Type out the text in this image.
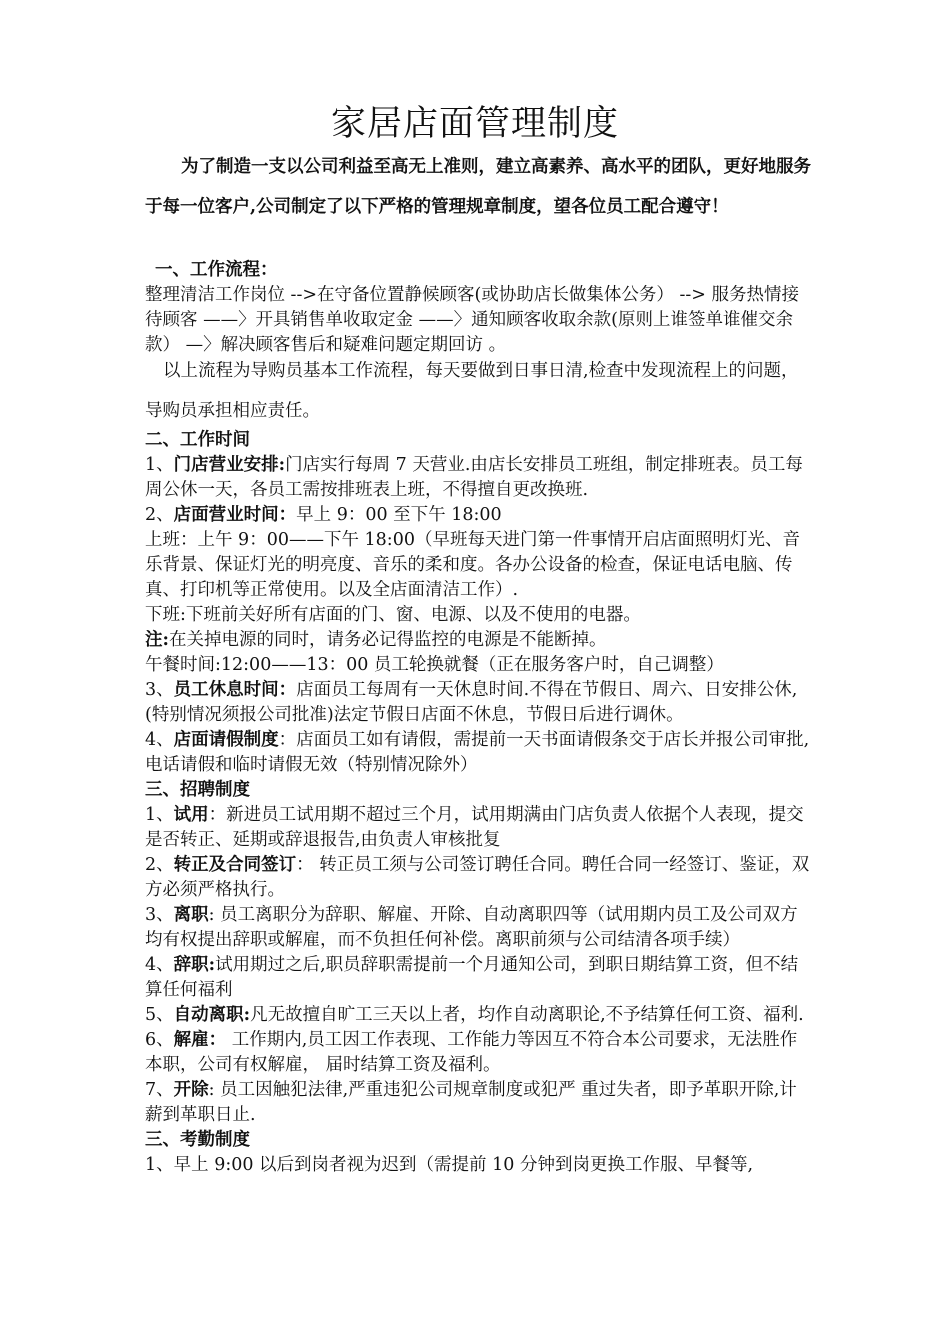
家居店面管理制度
为了制造一支以公司利益至高无上准则，建立高素养、高水平的团队，更好地服务于每一位客户,公司制定了以下严格的管理规章制度，望各位员工配合遵守！

一、工作流程：

整理清洁工作岗位 -->在守备位置静候顾客(或协助店长做集体公务） --> 服务热情接待顾客 ——〉开具销售单收取定金 ——〉通知顾客收取余款(原则上谁签单谁催交余款） —〉解决顾客售后和疑难问题定期回访 。

以上流程为导购员基本工作流程，每天要做到日事日清,检查中发现流程上的问题，导购员承担相应责任。

二、工作时间

1、门店营业安排:门店实行每周 7 天营业.由店长安排员工班组，制定排班表。员工每周公休一天，各员工需按排班表上班，不得擅自更改换班.

2、店面营业时间：早上 9：00 至下午 18:00

上班：上午 9：00——下午 18:00（早班每天进门第一件事情开启店面照明灯光、音乐背景、保证灯光的明亮度、音乐的柔和度。各办公设备的检查，保证电话电脑、传真、打印机等正常使用。以及全店面清洁工作）.

下班:下班前关好所有店面的门、窗、电源、以及不使用的电器。

注:在关掉电源的同时，请务必记得监控的电源是不能断掉。

午餐时间:12:00——13：00 员工轮换就餐（正在服务客户时，自己调整）

3、员工休息时间：店面员工每周有一天休息时间.不得在节假日、周六、日安排公休,(特别情况须报公司批准)法定节假日店面不休息，节假日后进行调休。

4、店面请假制度：店面员工如有请假，需提前一天书面请假条交于店长并报公司审批,电话请假和临时请假无效（特别情况除外）

三、招聘制度

1、试用：新进员工试用期不超过三个月，试用期满由门店负责人依据个人表现，提交是否转正、延期或辞退报告,由负责人审核批复

2、转正及合同签订： 转正员工须与公司签订聘任合同。聘任合同一经签订、鉴证，双方必须严格执行。

3、离职: 员工离职分为辞职、解雇、开除、自动离职四等（试用期内员工及公司双方均有权提出辞职或解雇，而不负担任何补偿。离职前须与公司结清各项手续）

4、辞职:试用期过之后,职员辞职需提前一个月通知公司，到职日期结算工资，但不结算任何福利

5、自动离职:凡无故擅自旷工三天以上者，均作自动离职论,不予结算任何工资、福利.

6、解雇： 工作期内,员工因工作表现、工作能力等因互不符合本公司要求，无法胜作本职，公司有权解雇， 届时结算工资及福利。

7、开除: 员工因触犯法律,严重违犯公司规章制度或犯严 重过失者，即予革职开除,计薪到革职日止.

三、考勤制度

1、早上 9:00 以后到岗者视为迟到（需提前 10 分钟到岗更换工作服、早餐等,
